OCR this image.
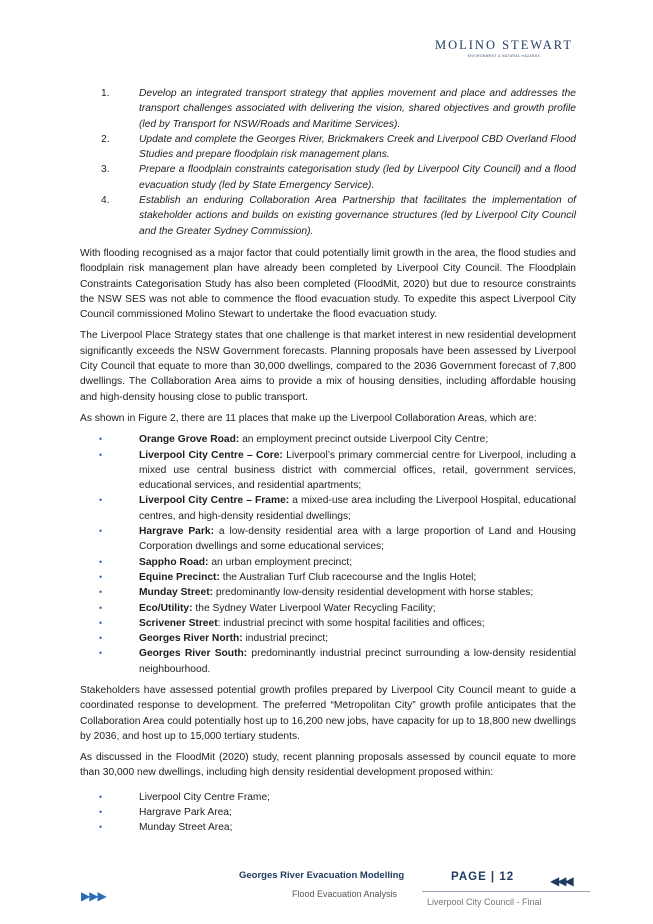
MOLINO STEWART
ENVIRONMENT & NATURAL HAZARDS
1.	Develop an integrated transport strategy that applies movement and place and addresses the transport challenges associated with delivering the vision, shared objectives and growth profile (led by Transport for NSW/Roads and Maritime Services).
2.	Update and complete the Georges River, Brickmakers Creek and Liverpool CBD Overland Flood Studies and prepare floodplain risk management plans.
3.	Prepare a floodplain constraints categorisation study (led by Liverpool City Council) and a flood evacuation study (led by State Emergency Service).
4.	Establish an enduring Collaboration Area Partnership that facilitates the implementation of stakeholder actions and builds on existing governance structures (led by Liverpool City Council and the Greater Sydney Commission).

With flooding recognised as a major factor that could potentially limit growth in the area, the flood studies and floodplain risk management plan have already been completed by Liverpool City Council. The Floodplain Constraints Categorisation Study has also been completed (FloodMit, 2020) but due to resource constraints the NSW SES was not able to commence the flood evacuation study. To expedite this aspect Liverpool City Council commissioned Molino Stewart to undertake the flood evacuation study.

The Liverpool Place Strategy states that one challenge is that market interest in new residential development significantly exceeds the NSW Government forecasts. Planning proposals have been assessed by Liverpool City Council that equate to more than 30,000 dwellings, compared to the 2036 Government forecast of 7,800 dwellings. The Collaboration Area aims to provide a mix of housing densities, including affordable housing and high-density housing close to public transport.

As shown in Figure 2, there are 11 places that make up the Liverpool Collaboration Areas, which are:

•	Orange Grove Road: an employment precinct outside Liverpool City Centre;
•	Liverpool City Centre – Core: Liverpool’s primary commercial centre for Liverpool, including a mixed use central business district with commercial offices, retail, government services, educational services, and residential apartments;
•	Liverpool City Centre – Frame: a mixed-use area including the Liverpool Hospital, educational centres, and high-density residential dwellings;
•	Hargrave Park: a low-density residential area with a large proportion of Land and Housing Corporation dwellings and some educational services;
•	Sappho Road: an urban employment precinct;
•	Equine Precinct: the Australian Turf Club racecourse and the Inglis Hotel;
•	Munday Street: predominantly low-density residential development with horse stables;
•	Eco/Utility: the Sydney Water Liverpool Water Recycling Facility;
•	Scrivener Street: industrial precinct with some hospital facilities and offices;
•	Georges River North: industrial precinct;
•	Georges River South: predominantly industrial precinct surrounding a low-density residential neighbourhood.

Stakeholders have assessed potential growth profiles prepared by Liverpool City Council meant to guide a coordinated response to development. The preferred “Metropolitan City” growth profile anticipates that the Collaboration Area could potentially host up to 16,200 new jobs, have capacity for up to 18,800 new dwellings by 2036, and host up to 15,000 tertiary students.

As discussed in the FloodMit (2020) study, recent planning proposals assessed by council equate to more than 30,000 new dwellings, including high density residential development proposed within:

•	Liverpool City Centre Frame;
•	Hargrave Park Area;
•	Munday Street Area;
Georges River Evacuation Modelling	PAGE | 12
Flood Evacuation Analysis
Liverpool City Council - Final
▶▶▶
◀◀◀
